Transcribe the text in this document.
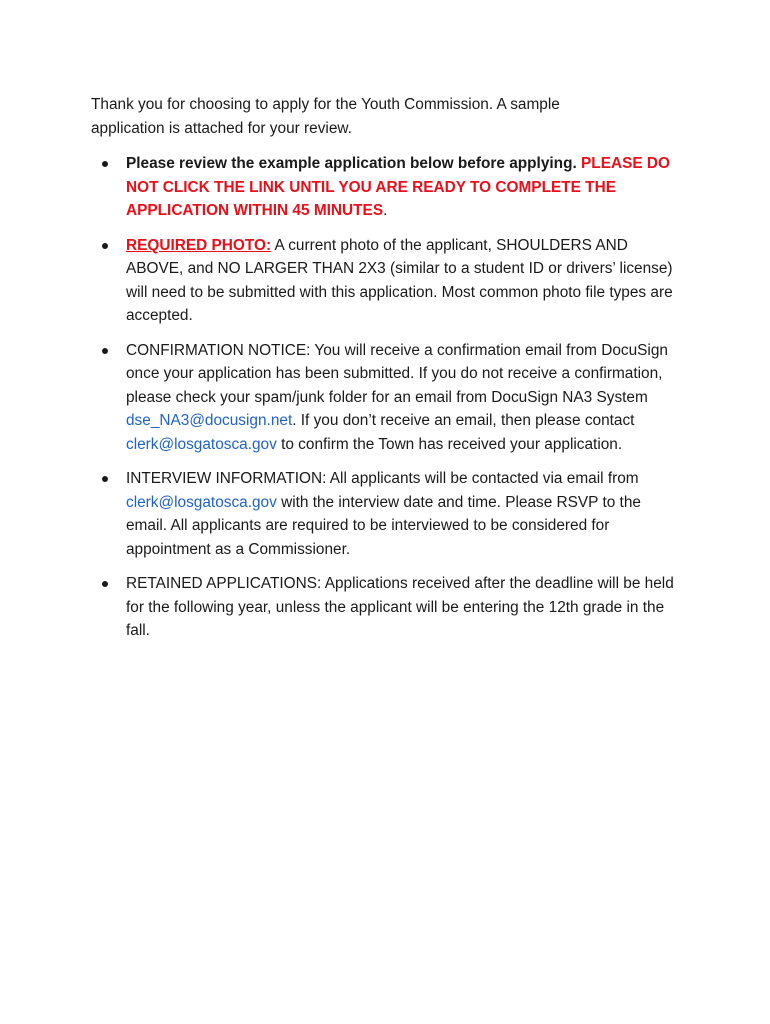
Thank you for choosing to apply for the Youth Commission. A sample application is attached for your review.

Please review the example application below before applying. PLEASE DO NOT CLICK THE LINK UNTIL YOU ARE READY TO COMPLETE THE APPLICATION WITHIN 45 MINUTES.
REQUIRED PHOTO: A current photo of the applicant, SHOULDERS AND ABOVE, and NO LARGER THAN 2X3 (similar to a student ID or drivers’ license) will need to be submitted with this application. Most common photo file types are accepted.
CONFIRMATION NOTICE: You will receive a confirmation email from DocuSign once your application has been submitted. If you do not receive a confirmation, please check your spam/junk folder for an email from DocuSign NA3 System dse_NA3@docusign.net. If you don’t receive an email, then please contact clerk@losgatosca.gov to confirm the Town has received your application.
INTERVIEW INFORMATION: All applicants will be contacted via email from clerk@losgatosca.gov with the interview date and time. Please RSVP to the email. All applicants are required to be interviewed to be considered for appointment as a Commissioner.
RETAINED APPLICATIONS: Applications received after the deadline will be held for the following year, unless the applicant will be entering the 12th grade in the fall.
